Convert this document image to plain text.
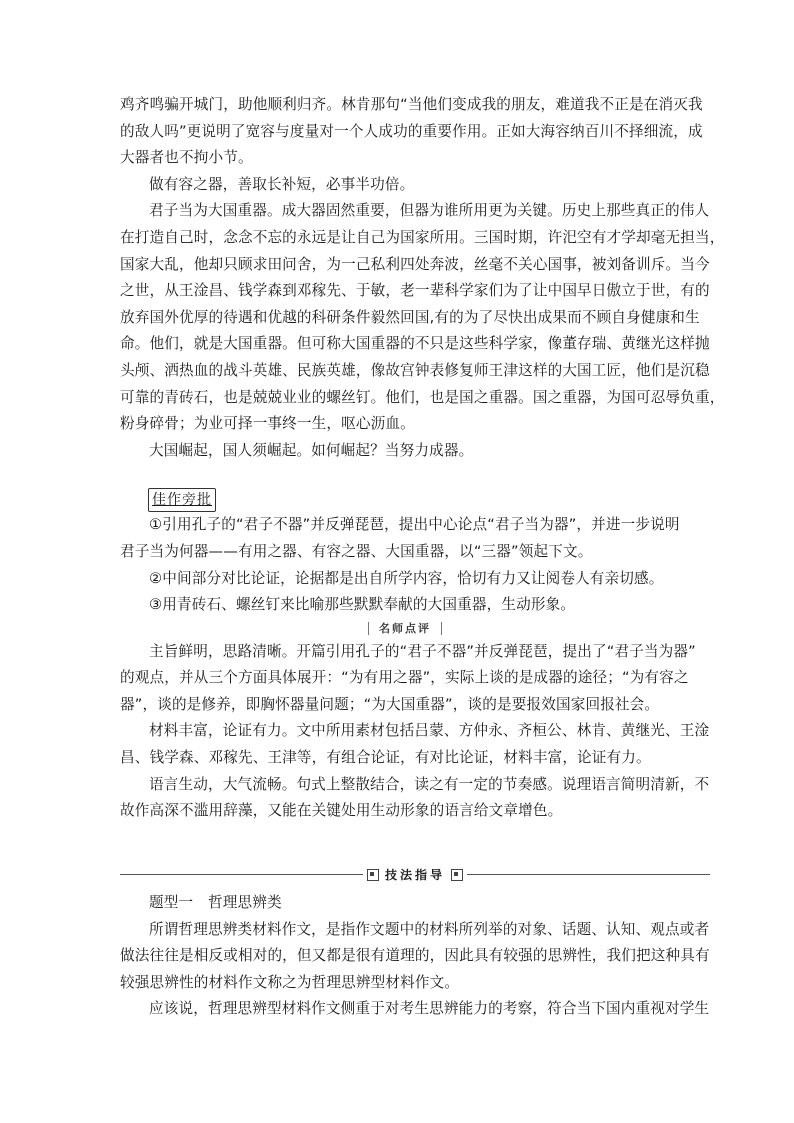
鸡齐鸣骗开城门，助他顺利归齐。林肯那句“当他们变成我的朋友，难道我不正是在消灭我
的敌人吗”更说明了宽容与度量对一个人成功的重要作用。正如大海容纳百川不择细流，成
大器者也不拘小节。
做有容之器，善取长补短，必事半功倍。
君子当为大国重器。成大器固然重要，但器为谁所用更为关键。历史上那些真正的伟人
在打造自己时，念念不忘的永远是让自己为国家所用。三国时期，许汜空有才学却毫无担当，
国家大乱，他却只顾求田问舍，为一己私利四处奔波，丝毫不关心国事，被刘备训斥。当今
之世，从王淦昌、钱学森到邓稼先、于敏，老一辈科学家们为了让中国早日傲立于世，有的
放弃国外优厚的待遇和优越的科研条件毅然回国,有的为了尽快出成果而不顾自身健康和生
命。他们，就是大国重器。但可称大国重器的不只是这些科学家，像董存瑞、黄继光这样抛
头颅、洒热血的战斗英雄、民族英雄，像故宫钟表修复师王津这样的大国工匠，他们是沉稳
可靠的青砖石，也是兢兢业业的螺丝钉。他们，也是国之重器。国之重器，为国可忍辱负重，
粉身碎骨；为业可择一事终一生，呕心沥血。
大国崛起，国人须崛起。如何崛起？当努力成器。
佳作旁批
①引用孔子的“君子不器”并反弹琵琶，提出中心论点“君子当为器”，并进一步说明
君子当为何器——有用之器、有容之器、大国重器，以“三器”领起下文。
②中间部分对比论证，论据都是出自所学内容，恰切有力又让阅卷人有亲切感。
③用青砖石、螺丝钉来比喻那些默默奉献的大国重器，生动形象。
名师点评
主旨鲜明，思路清晰。开篇引用孔子的“君子不器”并反弹琵琶，提出了“君子当为器”
的观点，并从三个方面具体展开：“为有用之器”，实际上谈的是成器的途径；“为有容之
器”，谈的是修养，即胸怀器量问题；“为大国重器”，谈的是要报效国家回报社会。
材料丰富，论证有力。文中所用素材包括吕蒙、方仲永、齐桓公、林肯、黄继光、王淦
昌、钱学森、邓稼先、王津等，有组合论证，有对比论证，材料丰富，论证有力。
语言生动，大气流畅。句式上整散结合，读之有一定的节奏感。说理语言简明清新，不
故作高深不滥用辞藻，又能在关键处用生动形象的语言给文章增色。
技法指导
题型一　哲理思辨类
所谓哲理思辨类材料作文，是指作文题中的材料所列举的对象、话题、认知、观点或者
做法往往是相反或相对的，但又都是很有道理的，因此具有较强的思辨性，我们把这种具有
较强思辨性的材料作文称之为哲理思辨型材料作文。
应该说，哲理思辨型材料作文侧重于对考生思辨能力的考察，符合当下国内重视对学生
